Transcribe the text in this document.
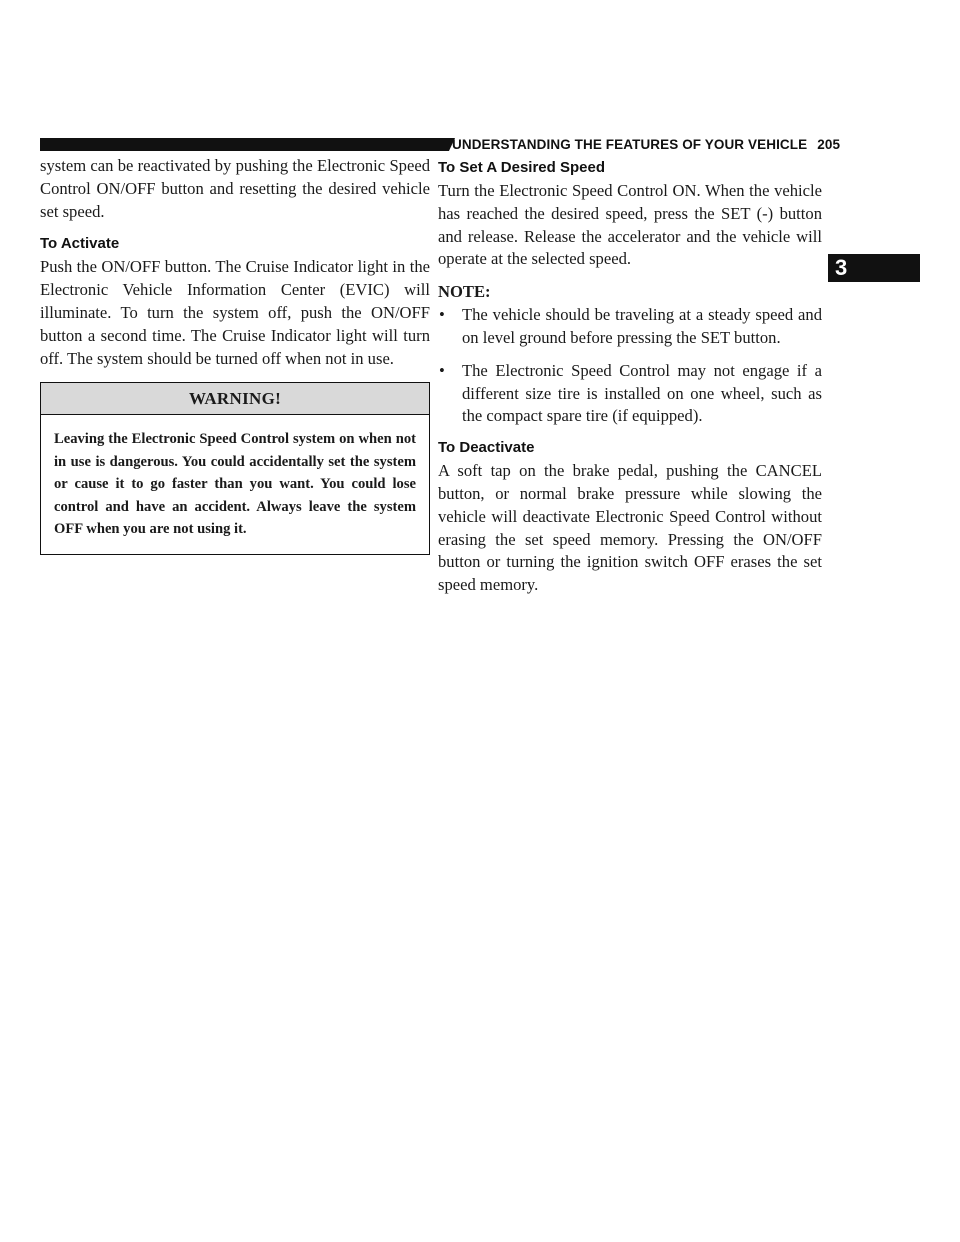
UNDERSTANDING THE FEATURES OF YOUR VEHICLE 205

system can be reactivated by pushing the Electronic Speed Control ON/OFF button and resetting the desired vehicle set speed.

To Activate

Push the ON/OFF button. The Cruise Indicator light in the Electronic Vehicle Information Center (EVIC) will illuminate. To turn the system off, push the ON/OFF button a second time. The Cruise Indicator light will turn off. The system should be turned off when not in use.

WARNING!
Leaving the Electronic Speed Control system on when not in use is dangerous. You could accidentally set the system or cause it to go faster than you want. You could lose control and have an accident. Always leave the system OFF when you are not using it.
To Set A Desired Speed

Turn the Electronic Speed Control ON. When the vehicle has reached the desired speed, press the SET (-) button and release. Release the accelerator and the vehicle will operate at the selected speed.

NOTE:
• The vehicle should be traveling at a steady speed and on level ground before pressing the SET button.
• The Electronic Speed Control may not engage if a different size tire is installed on one wheel, such as the compact spare tire (if equipped).
To Deactivate

A soft tap on the brake pedal, pushing the CANCEL button, or normal brake pressure while slowing the vehicle will deactivate Electronic Speed Control without erasing the set speed memory. Pressing the ON/OFF button or turning the ignition switch OFF erases the set speed memory.

3
